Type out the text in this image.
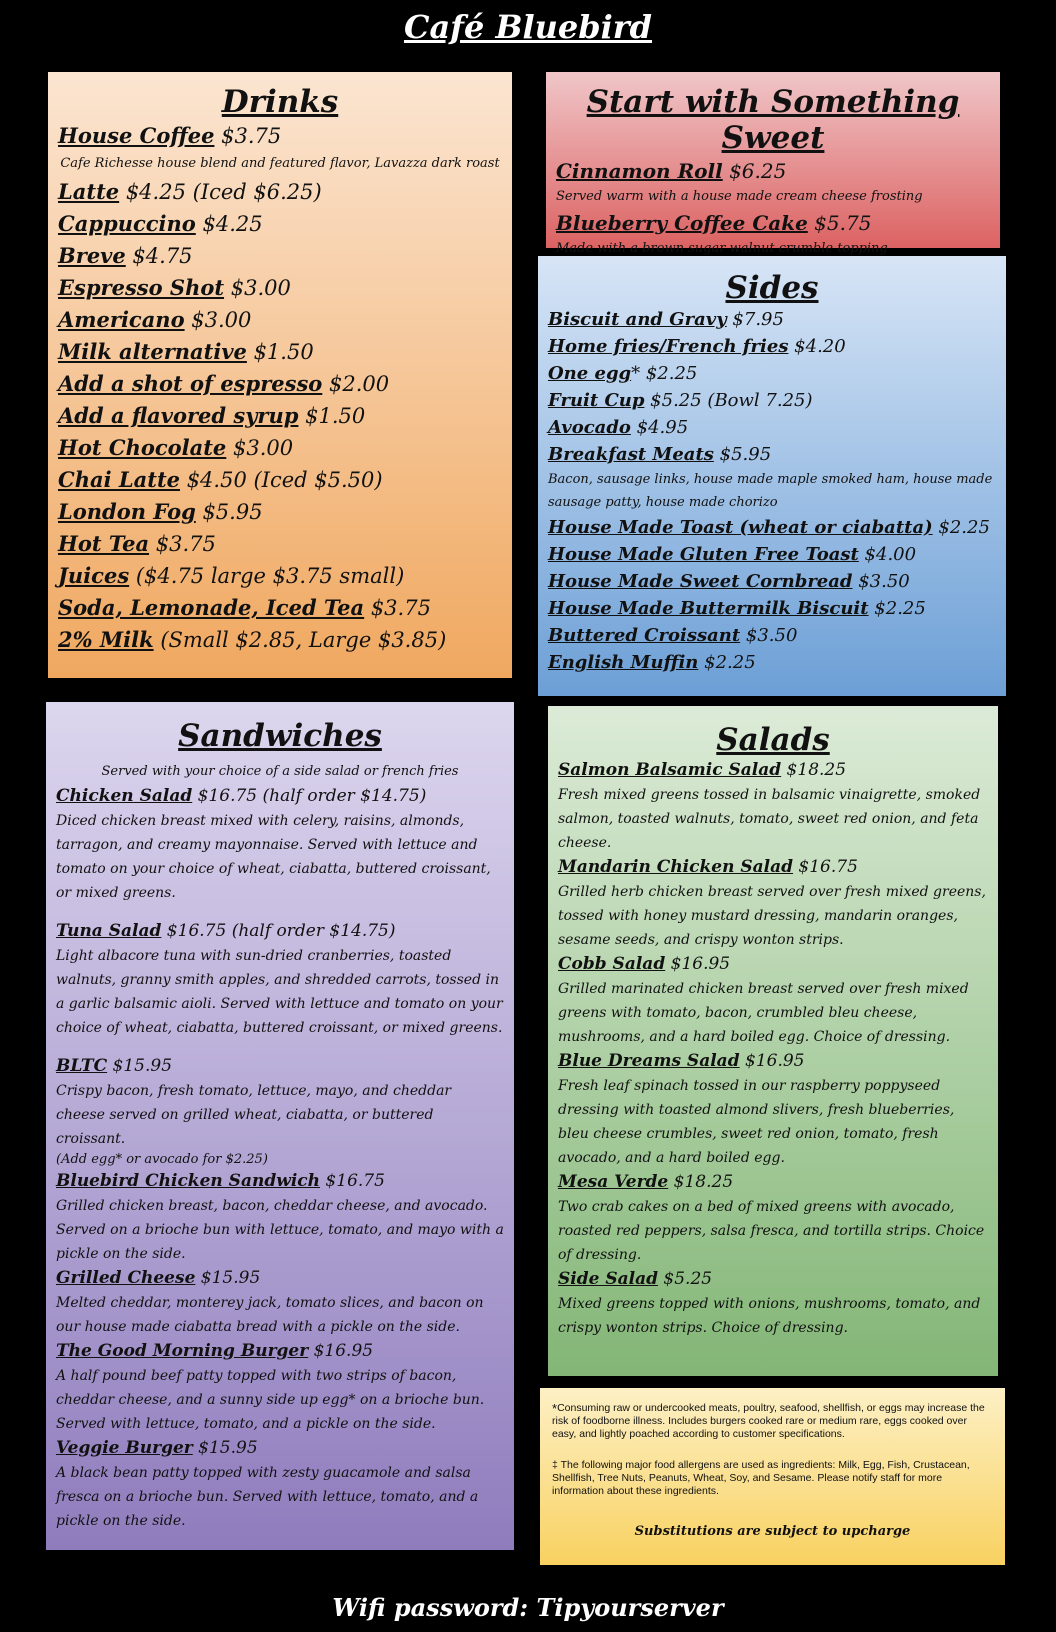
Café Bluebird
Drinks
House Coffee $3.75
Cafe Richesse house blend and featured flavor, Lavazza dark roast
Latte $4.25 (Iced $6.25)
Cappuccino $4.25
Breve $4.75
Espresso Shot $3.00
Americano $3.00
Milk alternative $1.50
Add a shot of espresso $2.00
Add a flavored syrup $1.50
Hot Chocolate $3.00
Chai Latte $4.50 (Iced $5.50)
London Fog $5.95
Hot Tea $3.75
Juices ($4.75 large $3.75 small)
Soda, Lemonade, Iced Tea $3.75
2% Milk (Small $2.85, Large $3.85)
Start with Something Sweet
Cinnamon Roll $6.25
Served warm with a house made cream cheese frosting
Blueberry Coffee Cake $5.75
Made with a brown sugar walnut crumble topping
Sides
Biscuit and Gravy $7.95
Home fries/French fries $4.20
One egg* $2.25
Fruit Cup $5.25 (Bowl 7.25)
Avocado $4.95
Breakfast Meats $5.95
Bacon, sausage links, house made maple smoked ham, house made sausage patty, house made chorizo
House Made Toast (wheat or ciabatta) $2.25
House Made Gluten Free Toast $4.00
House Made Sweet Cornbread $3.50
House Made Buttermilk Biscuit $2.25
Buttered Croissant $3.50
English Muffin $2.25
Sandwiches
Served with your choice of a side salad or french fries
Chicken Salad $16.75 (half order $14.75)
Diced chicken breast mixed with celery, raisins, almonds, tarragon, and creamy mayonnaise. Served with lettuce and tomato on your choice of wheat, ciabatta, buttered croissant, or mixed greens.
Tuna Salad $16.75 (half order $14.75)
Light albacore tuna with sun-dried cranberries, toasted walnuts, granny smith apples, and shredded carrots, tossed in a garlic balsamic aioli. Served with lettuce and tomato on your choice of wheat, ciabatta, buttered croissant, or mixed greens.
BLTC $15.95
Crispy bacon, fresh tomato, lettuce, mayo, and cheddar cheese served on grilled wheat, ciabatta, or buttered croissant.
(Add egg* or avocado for $2.25)
Bluebird Chicken Sandwich $16.75
Grilled chicken breast, bacon, cheddar cheese, and avocado. Served on a brioche bun with lettuce, tomato, and mayo with a pickle on the side.
Grilled Cheese $15.95
Melted cheddar, monterey jack, tomato slices, and bacon on our house made ciabatta bread with a pickle on the side.
The Good Morning Burger $16.95
A half pound beef patty topped with two strips of bacon, cheddar cheese, and a sunny side up egg* on a brioche bun. Served with lettuce, tomato, and a pickle on the side.
Veggie Burger $15.95
A black bean patty topped with zesty guacamole and salsa fresca on a brioche bun. Served with lettuce, tomato, and a pickle on the side.
Salads
Salmon Balsamic Salad $18.25
Fresh mixed greens tossed in balsamic vinaigrette, smoked salmon, toasted walnuts, tomato, sweet red onion, and feta cheese.
Mandarin Chicken Salad $16.75
Grilled herb chicken breast served over fresh mixed greens, tossed with honey mustard dressing, mandarin oranges, sesame seeds, and crispy wonton strips.
Cobb Salad $16.95
Grilled marinated chicken breast served over fresh mixed greens with tomato, bacon, crumbled bleu cheese, mushrooms, and a hard boiled egg. Choice of dressing.
Blue Dreams Salad $16.95
Fresh leaf spinach tossed in our raspberry poppyseed dressing with toasted almond slivers, fresh blueberries, bleu cheese crumbles, sweet red onion, tomato, fresh avocado, and a hard boiled egg.
Mesa Verde $18.25
Two crab cakes on a bed of mixed greens with avocado, roasted red peppers, salsa fresca, and tortilla strips. Choice of dressing.
Side Salad $5.25
Mixed greens topped with onions, mushrooms, tomato, and crispy wonton strips. Choice of dressing.
*Consuming raw or undercooked meats, poultry, seafood, shellfish, or eggs may increase the risk of foodborne illness. Includes burgers cooked rare or medium rare, eggs cooked over easy, and lightly poached according to customer specifications.
‡ The following major food allergens are used as ingredients: Milk, Egg, Fish, Crustacean, Shellfish, Tree Nuts, Peanuts, Wheat, Soy, and Sesame. Please notify staff for more information about these ingredients.
Substitutions are subject to upcharge
Wifi password: Tipyourserver
